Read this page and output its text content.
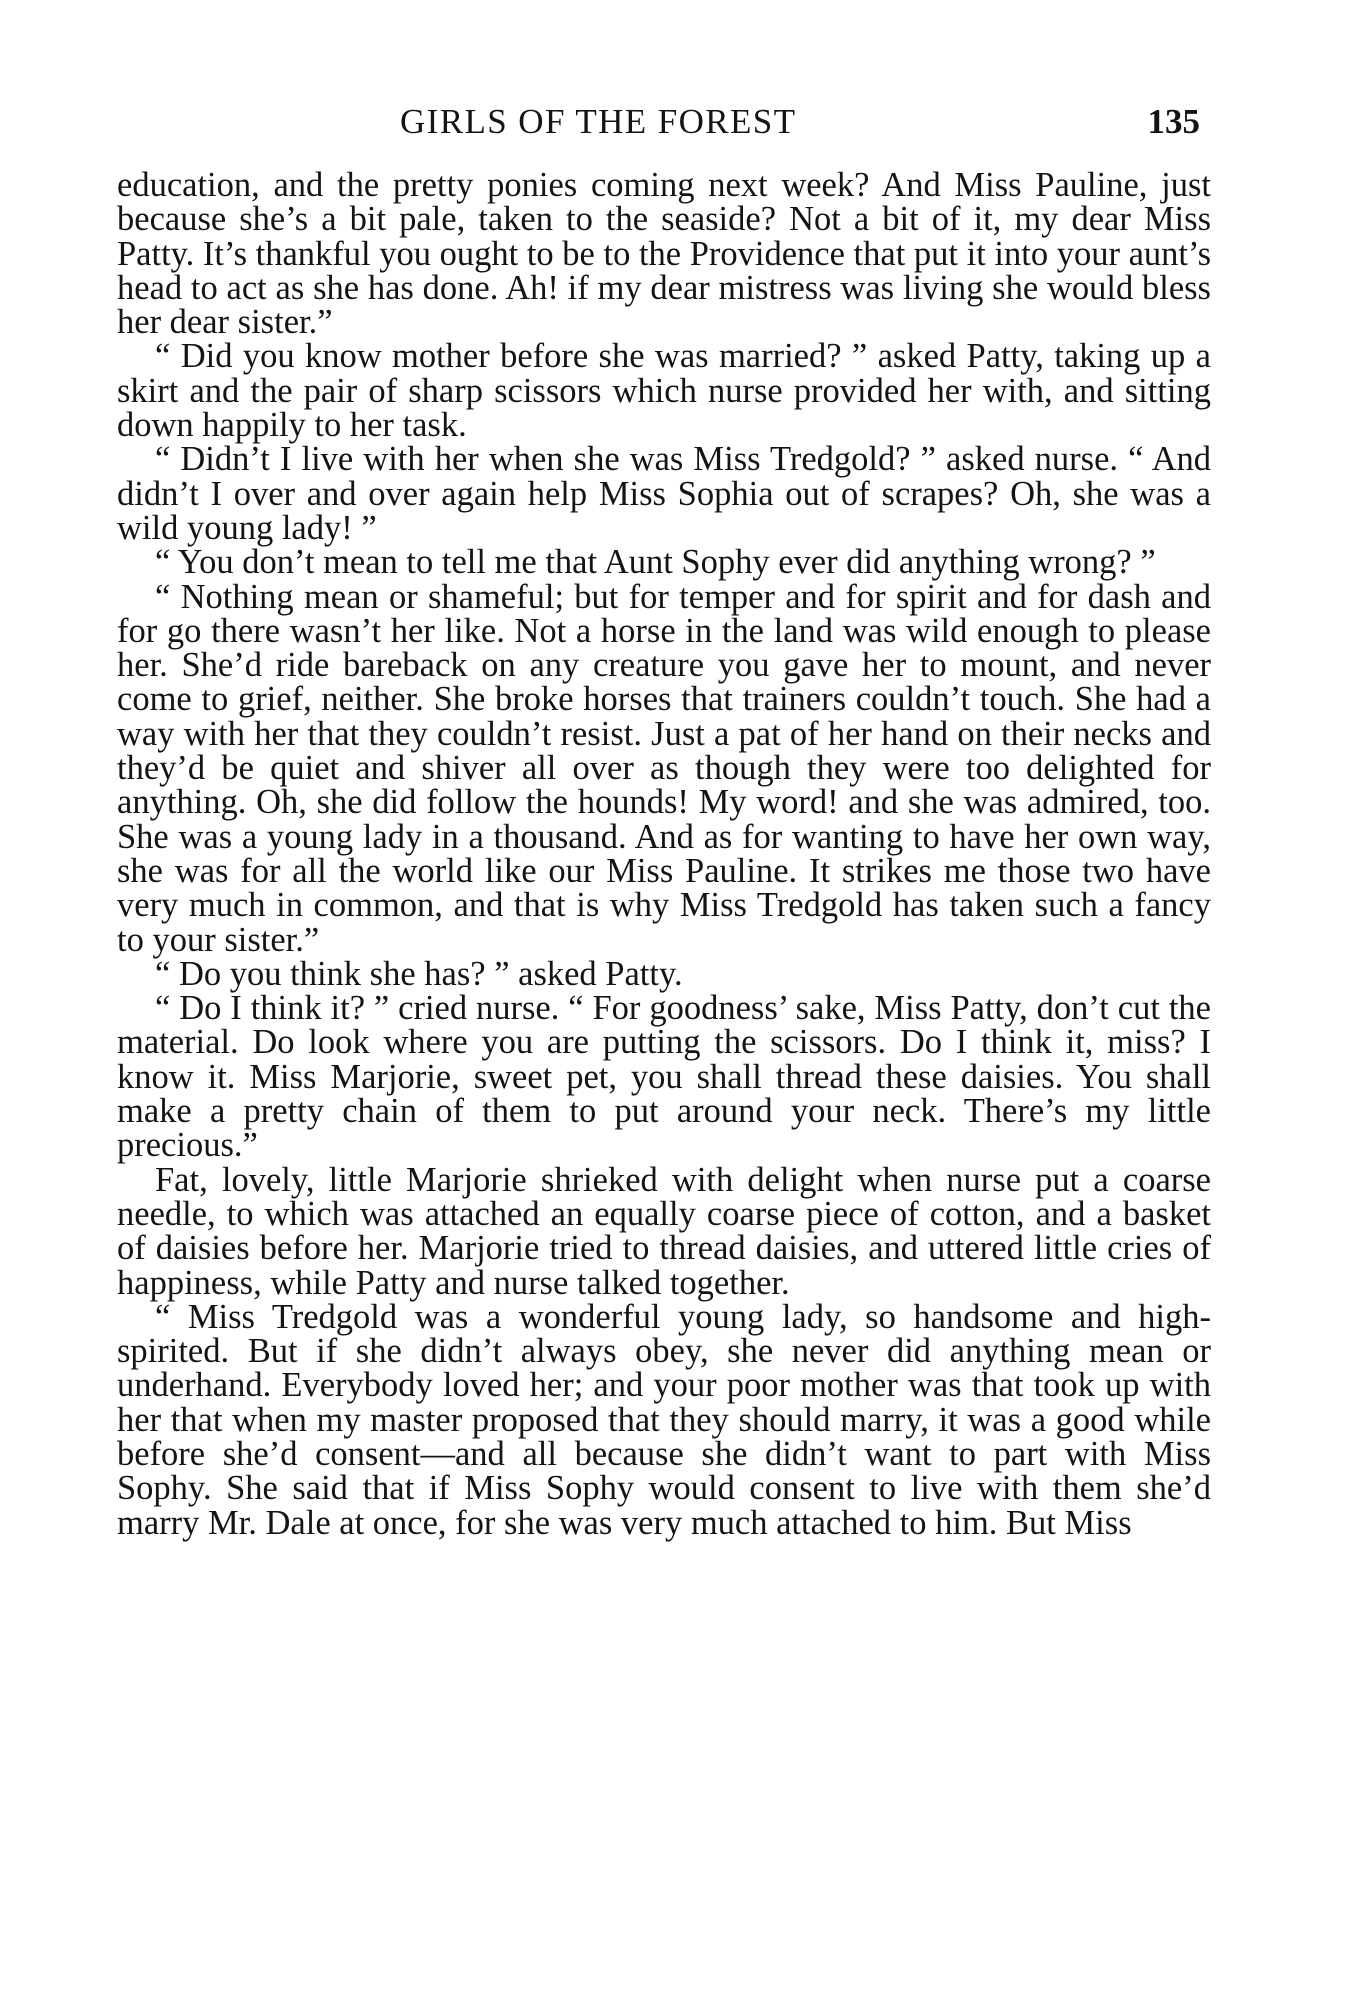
GIRLS OF THE FOREST	135

education, and the pretty ponies coming next week? And Miss Pauline, just because she’s a bit pale, taken to the seaside? Not a bit of it, my dear Miss Patty. It’s thankful you ought to be to the Providence that put it into your aunt’s head to act as she has done. Ah! if my dear mistress was living she would bless her dear sister.”

“ Did you know mother before she was married? ” asked Patty, taking up a skirt and the pair of sharp scissors which nurse provided her with, and sitting down happily to her task.

“ Didn’t I live with her when she was Miss Tredgold? ” asked nurse. “ And didn’t I over and over again help Miss Sophia out of scrapes? Oh, she was a wild young lady! ”

“ You don’t mean to tell me that Aunt Sophy ever did anything wrong? ”

“ Nothing mean or shameful; but for temper and for spirit and for dash and for go there wasn’t her like. Not a horse in the land was wild enough to please her. She’d ride bareback on any creature you gave her to mount, and never come to grief, neither. She broke horses that trainers couldn’t touch. She had a way with her that they couldn’t resist. Just a pat of her hand on their necks and they’d be quiet and shiver all over as though they were too delighted for anything. Oh, she did follow the hounds! My word! and she was admired, too. She was a young lady in a thousand. And as for wanting to have her own way, she was for all the world like our Miss Pauline. It strikes me those two have very much in common, and that is why Miss Tredgold has taken such a fancy to your sister.”

“ Do you think she has? ” asked Patty.

“ Do I think it? ” cried nurse. “ For goodness’ sake, Miss Patty, don’t cut the material. Do look where you are putting the scissors. Do I think it, miss? I know it. Miss Marjorie, sweet pet, you shall thread these daisies. You shall make a pretty chain of them to put around your neck. There’s my little precious.”

Fat, lovely, little Marjorie shrieked with delight when nurse put a coarse needle, to which was attached an equally coarse piece of cotton, and a basket of daisies before her. Marjorie tried to thread daisies, and uttered little cries of happiness, while Patty and nurse talked together.

“ Miss Tredgold was a wonderful young lady, so handsome and high-spirited. But if she didn’t always obey, she never did anything mean or underhand. Everybody loved her; and your poor mother was that took up with her that when my master proposed that they should marry, it was a good while before she’d consent—and all because she didn’t want to part with Miss Sophy. She said that if Miss Sophy would consent to live with them she’d marry Mr. Dale at once, for she was very much attached to him. But Miss
